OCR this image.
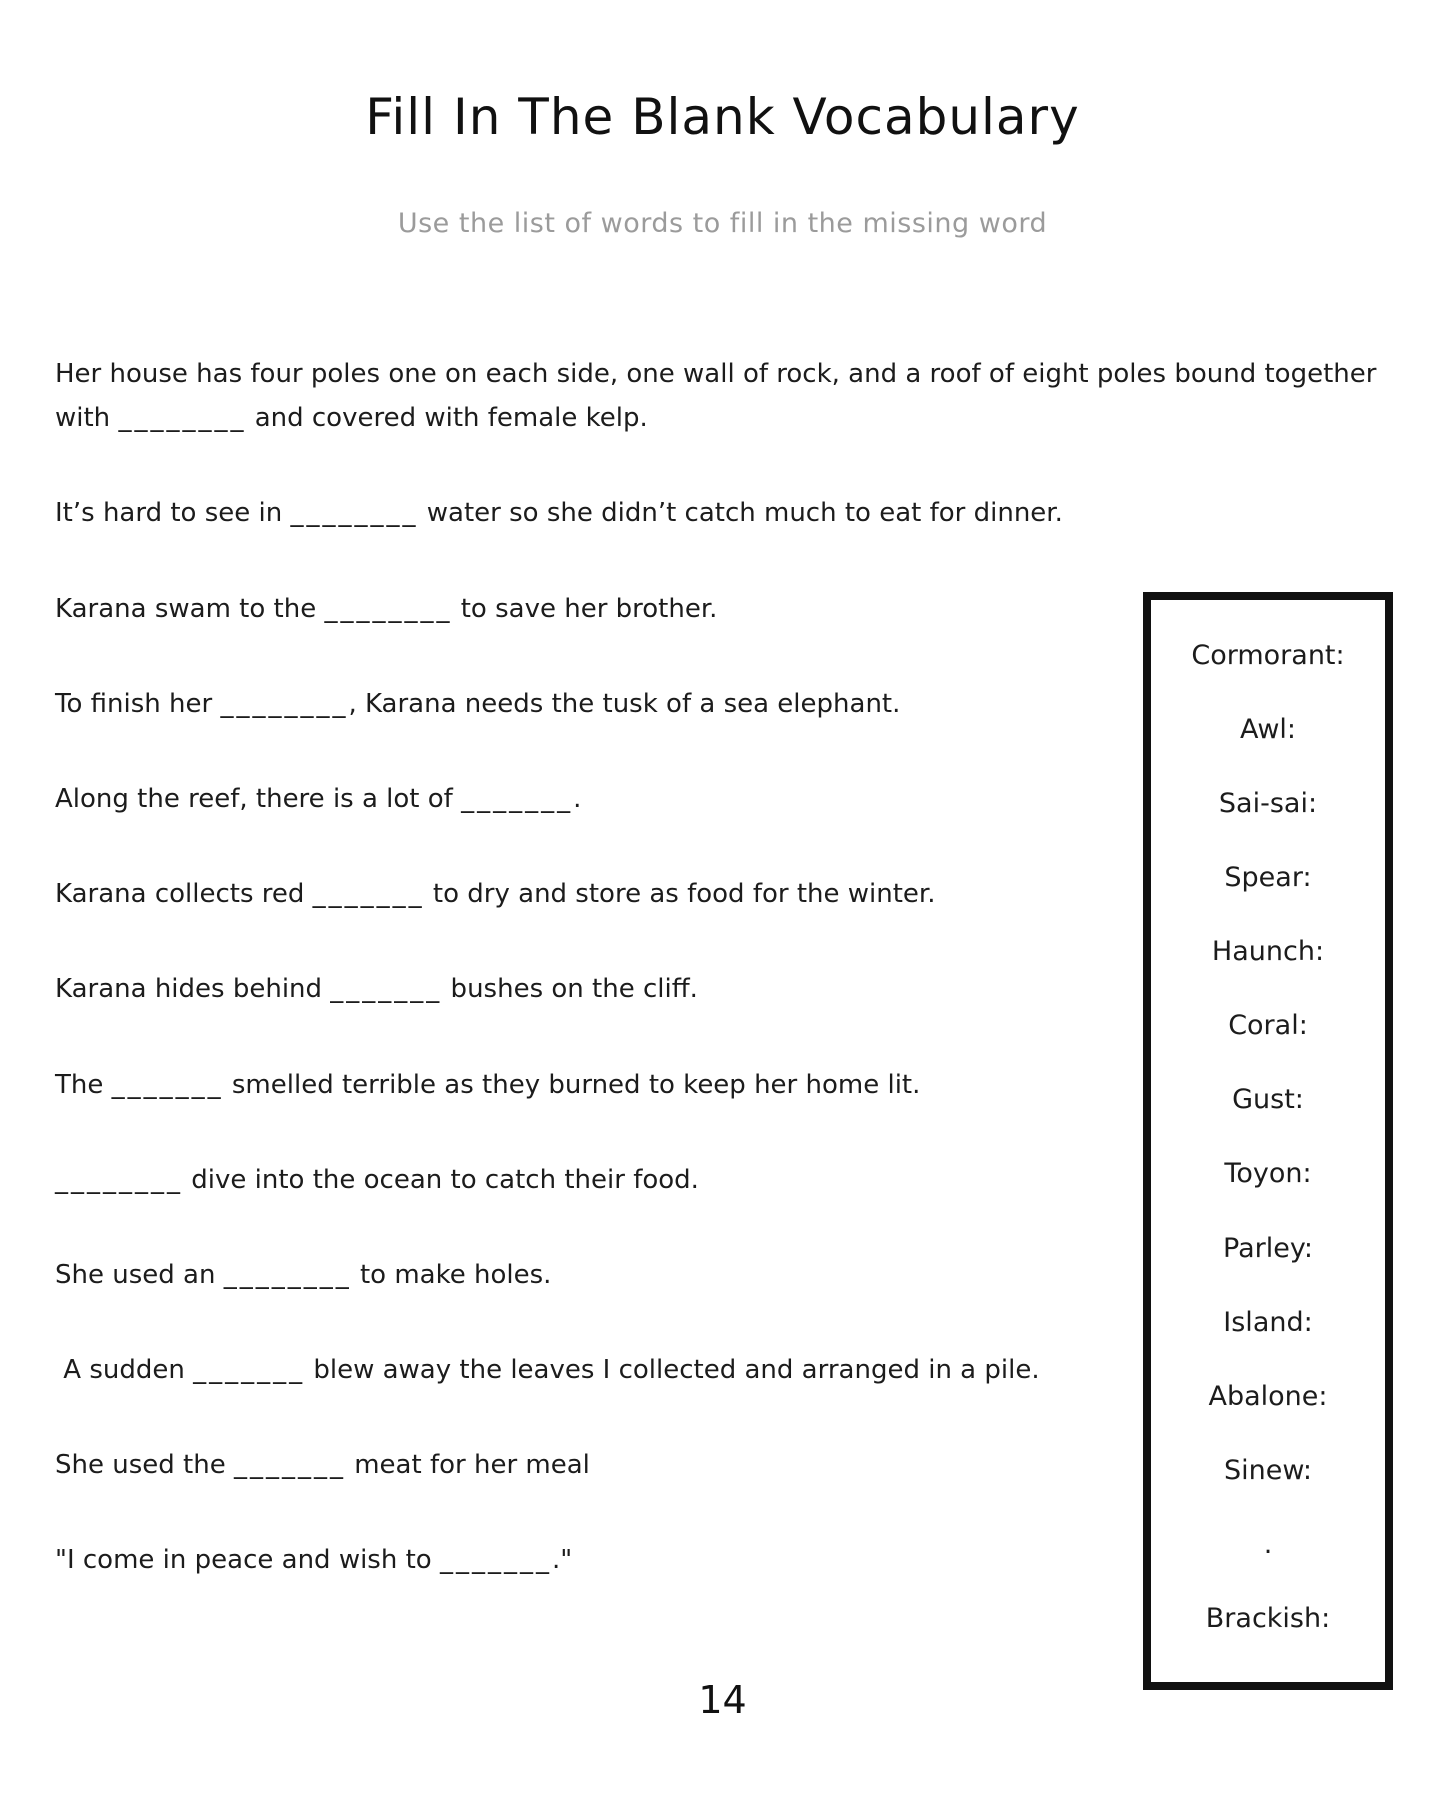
Fill In The Blank Vocabulary
Use the list of words to fill in the missing word

Her house has four poles one on each side, one wall of rock, and a roof of eight poles bound together with ________ and covered with female kelp.

It’s hard to see in ________ water so she didn’t catch much to eat for dinner.

Karana swam to the ________ to save her brother.

To finish her ________, Karana needs the tusk of a sea elephant.

Along the reef, there is a lot of _______.

Karana collects red _______ to dry and store as food for the winter.

Karana hides behind _______ bushes on the cliff.

The _______ smelled terrible as they burned to keep her home lit.

________ dive into the ocean to catch their food.

She used an ________ to make holes.

A sudden _______ blew away the leaves I collected and arranged in a pile.

She used the _______ meat for her meal

"I come in peace and wish to _______."

Cormorant:
Awl:
Sai-sai:
Spear:
Haunch:
Coral:
Gust:
Toyon:
Parley:
Island:
Abalone:
Sinew:
.
Brackish:
14
